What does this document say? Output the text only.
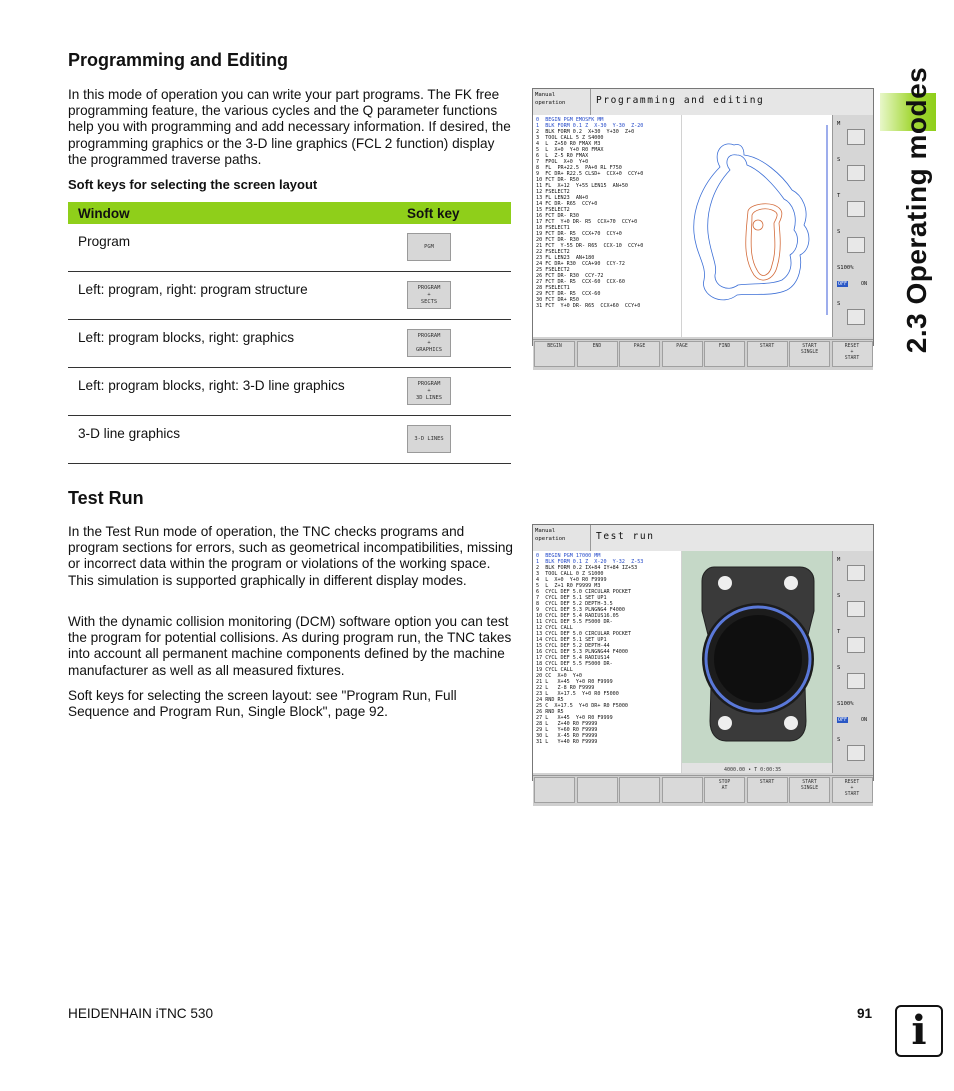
2.3 Operating modes
Programming and Editing

In this mode of operation you can write your part programs. The FK free programming feature, the various cycles and the Q parameter functions help you with programming and add necessary information. If desired, the programming graphics or the 3-D line graphics (FCL 2 function) display the programmed traverse paths.

Soft keys for selecting the screen layout
Window	Soft key
Program	PGM
Left: program, right: program structure	PROGRAM
+
SECTS
Left: program blocks, right: graphics	PROGRAM
+
GRAPHICS
Left: program blocks, right: 3-D line graphics	PROGRAM
+
3D LINES
3-D line graphics	3-D LINES
Manual
operation	Programming and editing
0  BEGIN PGM EMOSFK MM
1  BLK FORM 0.1 Z  X-30  Y-30  Z-20
2  BLK FORM 0.2  X+30  Y+30  Z+0
3  TOOL CALL 5 Z S4000
4  L  Z+50 R0 FMAX M3
5  L  X+0  Y+0 R0 FMAX
6  L  Z-5 R0 FMAX
7  FPOL  X+0  Y+0
8  FL  PR+22.5  PA+0 RL F750
9  FC DR+ R22.5 CLSD+  CCX+0  CCY+0
10 FCT DR- R50
11 FL  X+12  Y+55 LEN15  AN+50
12 FSELECT2
13 FL LEN23  AN+0
14 FC DR- R65  CCY+0
15 FSELECT2
16 FCT DR- R30
17 FCT  Y+0 DR- R5  CCX+70  CCY+0
18 FSELECT1
19 FCT DR- R5  CCX+70  CCY+0
20 FCT DR- R30
21 FCT  Y-55 DR- R65  CCX-10  CCY+0
22 FSELECT2
23 FL LEN23  AN+180
24 FC DR+ R30  CCA+90  CCY-72
25 FSELECT2
26 FCT DR- R30  CCY-72
27 FCT DR- R5  CCX-60  CCX-60
28 FSELECT1
29 FCT DR- R5  CCX-60
30 FCT DR+ R50
31 FCT  Y+0 DR- R65  CCX+60  CCY+0
M
S
T
S
S100%
OFF	ON
S
BEGIN	END	PAGE	PAGE	FIND	START	START
SINGLE
RESET
+
START
Test Run

In the Test Run mode of operation, the TNC checks programs and program sections for errors, such as geometrical incompatibilities, missing or incorrect data within the program or violations of the working space. This simulation is supported graphically in different display modes.

With the dynamic collision monitoring (DCM) software option you can test the program for potential collisions. As during program run, the TNC takes into account all permanent machine components defined by the machine manufacturer as well as all measured fixtures.

Soft keys for selecting the screen layout: see "Program Run, Full Sequence and Program Run, Single Block", page 92.

Manual
operation	Test run
0  BEGIN PGM 17000 MM
1  BLK FORM 0.1 Z  X-20  Y-32  Z-53
2  BLK FORM 0.2 IX+84 IY+84 IZ+53
3  TOOL CALL 0 Z S1000
4  L  X+0  Y+0 R0 F9999
5  L  Z+1 R0 F9999 M3
6  CYCL DEF 5.0 CIRCULAR POCKET
7  CYCL DEF 5.1 SET UP1
8  CYCL DEF 5.2 DEPTH-3.5
9  CYCL DEF 5.3 PLNGNG4 F4000
10 CYCL DEF 5.4 RADIUS16.05
11 CYCL DEF 5.5 F5000 DR-
12 CYCL CALL
13 CYCL DEF 5.0 CIRCULAR POCKET
14 CYCL DEF 5.1 SET UP1
15 CYCL DEF 5.2 DEPTH-44
16 CYCL DEF 5.3 PLNGNG44 F4000
17 CYCL DEF 5.4 RADIUS14
18 CYCL DEF 5.5 F5000 DR-
19 CYCL CALL
20 CC  X+0  Y+0
21 L   X+45  Y+0 R0 F9999
22 L   Z-8 R0 F9999
23 L   X+17.5  Y+0 R0 F5000
24 RND R5
25 C  X+17.5  Y+0 DR+ R0 F5000
26 RND R5
27 L   X+45  Y+0 R0 F9999
28 L   Z+40 R0 F9999
29 L   Y+60 R0 F9999
30 L   X-45 R0 F9999
31 L   Y+40 R0 F9999
4000.00 • T 0:00:35
M
S
T
S
S100%
OFF	ON
S
STOP
AT
START	START
SINGLE
RESET
+
START
HEIDENHAIN iTNC 530	91 i
